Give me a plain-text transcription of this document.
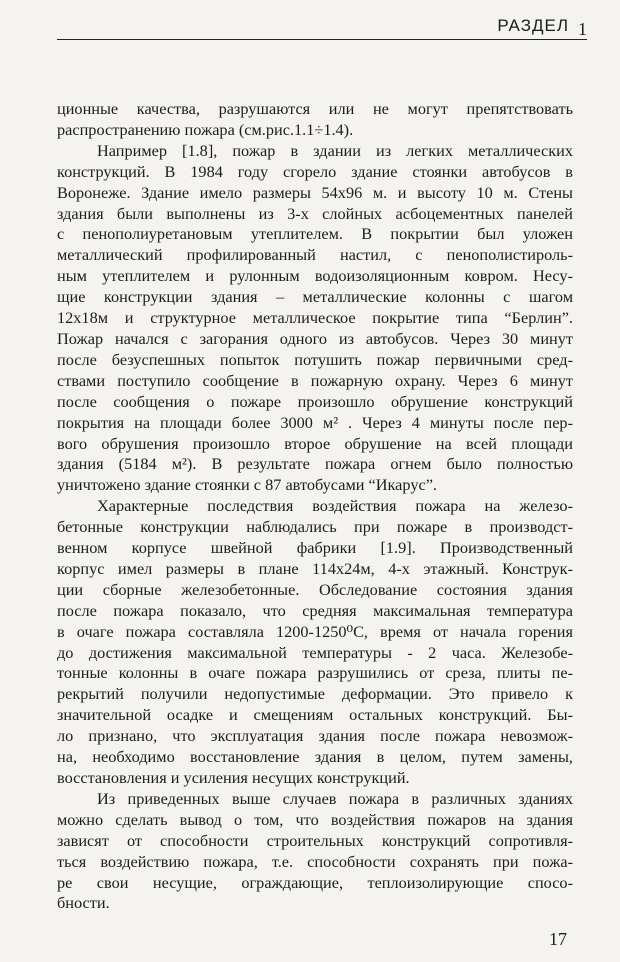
РАЗДЕЛ 1

ционные качества, разрушаются или не могут препятствовать
распространению пожара (см.рис.1.1÷1.4).

Например [1.8], пожар в здании из легких металлических
конструкций. В 1984 году сгорело здание стоянки автобусов в
Воронеже. Здание имело размеры 54х96 м. и высоту 10 м. Стены
здания были выполнены из 3-х слойных асбоцементных панелей
с пенополиуретановым утеплителем. В покрытии был уложен
металлический профилированный настил, с пенополистироль-
ным утеплителем и рулонным водоизоляционным ковром. Несу-
щие конструкции здания – металлические колонны с шагом
12х18м и структурное металлическое покрытие типа “Берлин”.
Пожар начался с загорания одного из автобусов. Через 30 минут
после безуспешных попыток потушить пожар первичными сред-
ствами поступило сообщение в пожарную охрану. Через 6 минут
после сообщения о пожаре произошло обрушение конструкций
покрытия на площади более 3000 м² . Через 4 минуты после пер-
вого обрушения произошло второе обрушение на всей площади
здания (5184 м²). В результате пожара огнем было полностью
уничтожено здание стоянки с 87 автобусами “Икарус”.

Характерные последствия воздействия пожара на железо-
бетонные конструкции наблюдались при пожаре в производст-
венном корпусе швейной фабрики [1.9]. Производственный
корпус имел размеры в плане 114х24м, 4-х этажный. Конструк-
ции сборные железобетонные. Обследование состояния здания
после пожара показало, что средняя максимальная температура
в очаге пожара составляла 1200-1250⁰С, время от начала горения
до достижения максимальной температуры - 2 часа. Железобе-
тонные колонны в очаге пожара разрушились от среза, плиты пе-
рекрытий получили недопустимые деформации. Это привело к
значительной осадке и смещениям остальных конструкций. Бы-
ло признано, что эксплуатация здания после пожара невозмож-
на, необходимо восстановление здания в целом, путем замены,
восстановления и усиления несущих конструкций.

Из приведенных выше случаев пожара в различных зданиях
можно сделать вывод о том, что воздействия пожаров на здания
зависят от способности строительных конструкций сопротивля-
ться воздействию пожара, т.е. способности сохранять при пожа-
ре свои несущие, ограждающие, теплоизолирующие спосо-
бности.

17
